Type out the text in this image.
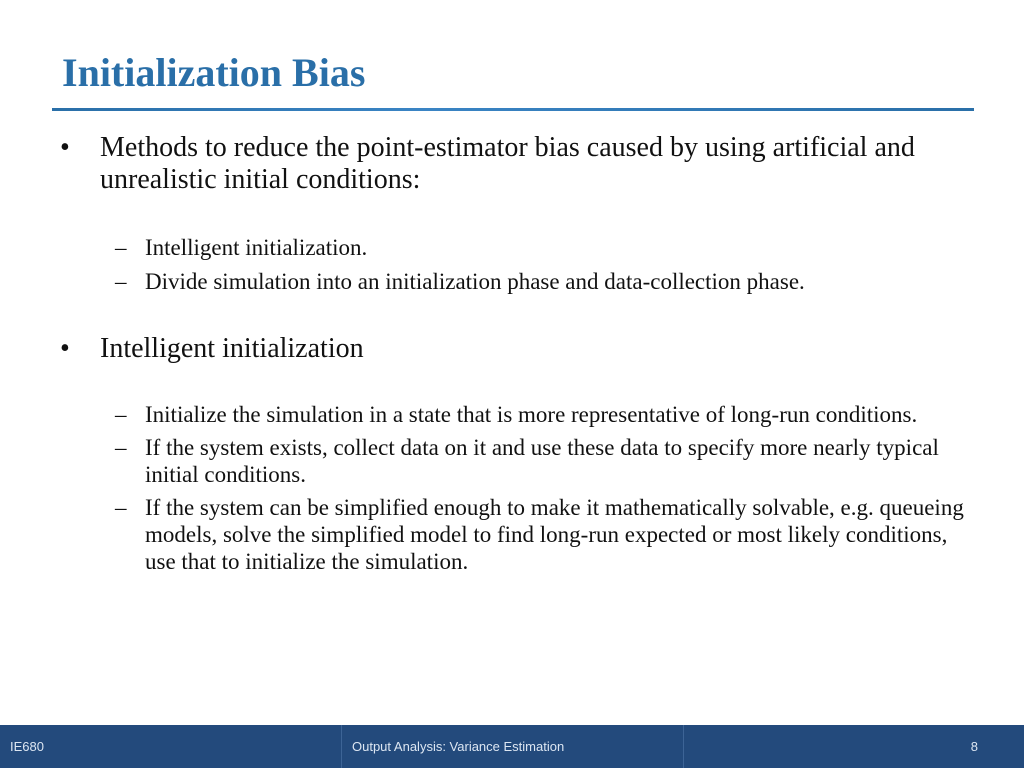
Initialization Bias
•	Methods to reduce the point-estimator bias caused by using artificial and unrealistic initial conditions:
– Intelligent initialization.
– Divide simulation into an initialization phase and data-collection phase.
•	Intelligent initialization
– Initialize the simulation in a state that is more representative of long-run conditions.
– If the system exists, collect data on it and use these data to specify more nearly typical initial conditions.
– If the system can be simplified enough to make it mathematically solvable, e.g. queueing models, solve the simplified model to find long-run expected or most likely conditions, use that to initialize the simulation.
IE680	Output Analysis: Variance Estimation	8
